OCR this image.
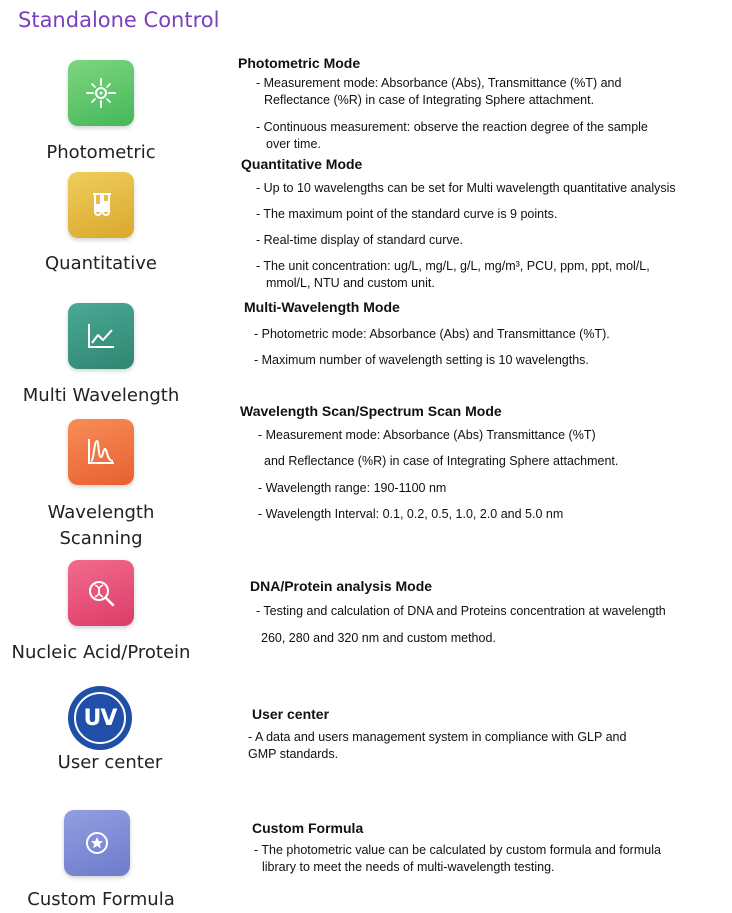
Standalone Control
Photometric
Quantitative
Multi Wavelength
Wavelength
Scanning
Nucleic Acid/Protein
UV
User center
Custom Formula
Photometric Mode
- Measurement mode: Absorbance (Abs), Transmittance (%T) and
Reflectance (%R) in case of Integrating Sphere attachment.
- Continuous measurement: observe the reaction degree of the sample
over time.
Quantitative Mode
- Up to 10 wavelengths can be set for Multi wavelength quantitative analysis
- The maximum point of the standard curve is 9 points.
- Real-time display of standard curve.
- The unit concentration: ug/L, mg/L, g/L, mg/m³, PCU, ppm, ppt, mol/L,
mmol/L, NTU and custom unit.
Multi-Wavelength Mode
- Photometric mode: Absorbance (Abs) and Transmittance (%T).
- Maximum number of wavelength setting is 10 wavelengths.
Wavelength Scan/Spectrum Scan Mode
- Measurement mode: Absorbance (Abs) Transmittance (%T)
and Reflectance (%R) in case of Integrating Sphere attachment.
- Wavelength range: 190-1100 nm
- Wavelength Interval: 0.1, 0.2, 0.5, 1.0, 2.0 and 5.0 nm
DNA/Protein analysis Mode
- Testing and calculation of DNA and Proteins concentration at wavelength
260, 280 and 320 nm and custom method.
User center
- A data and users management system in compliance with GLP and
GMP standards.
Custom Formula
- The photometric value can be calculated by custom formula and formula
library to meet the needs of multi-wavelength testing.
